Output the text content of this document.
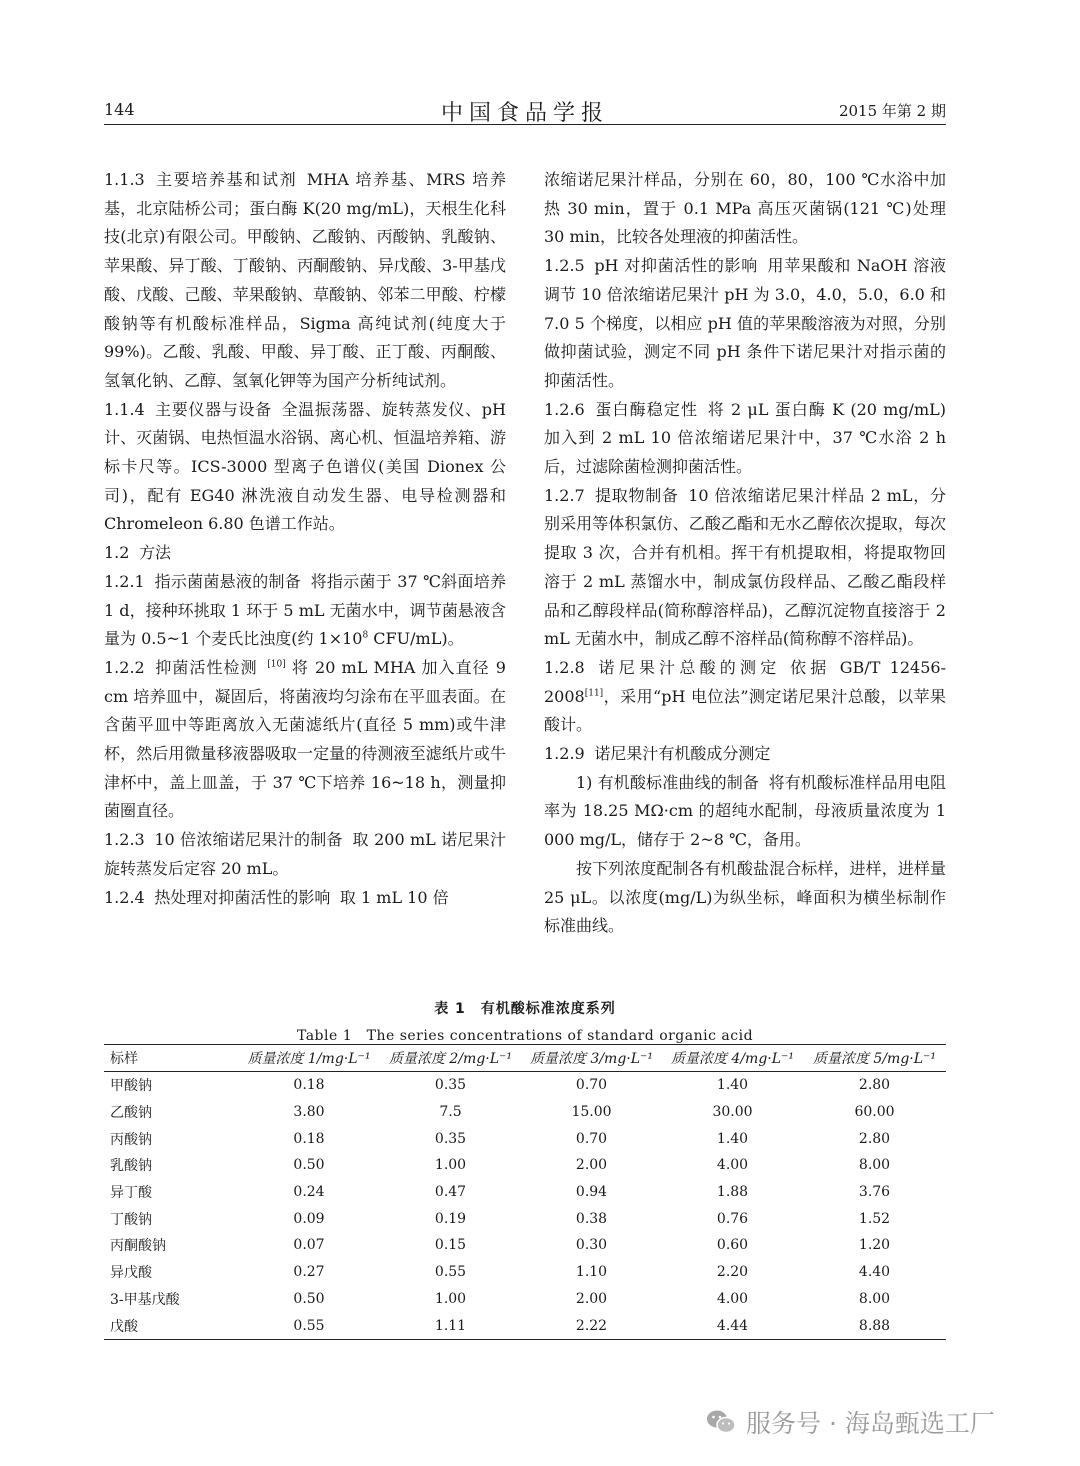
144	中国食品学报	2015 年第 2 期

1.1.3 主要培养基和试剂 MHA 培养基、MRS 培养基，北京陆桥公司；蛋白酶 K(20 mg/mL)，天根生化科技(北京)有限公司。甲酸钠、乙酸钠、丙酸钠、乳酸钠、苹果酸、异丁酸、丁酸钠、丙酮酸钠、异戊酸、3-甲基戊酸、戊酸、己酸、苹果酸钠、草酸钠、邻苯二甲酸、柠檬酸钠等有机酸标准样品，Sigma 高纯试剂(纯度大于 99%)。乙酸、乳酸、甲酸、异丁酸、正丁酸、丙酮酸、氢氧化钠、乙醇、氢氧化钾等为国产分析纯试剂。

1.1.4 主要仪器与设备 全温振荡器、旋转蒸发仪、pH 计、灭菌锅、电热恒温水浴锅、离心机、恒温培养箱、游标卡尺等。ICS-3000 型离子色谱仪(美国 Dionex 公司)，配有 EG40 淋洗液自动发生器、电导检测器和 Chromeleon 6.80 色谱工作站。

1.2 方法

1.2.1 指示菌菌悬液的制备 将指示菌于 37 ℃斜面培养 1 d，接种环挑取 1 环于 5 mL 无菌水中，调节菌悬液含量为 0.5~1 个麦氏比浊度(约 $1\times 10^8$ CFU/mL)。

1.2.2 抑菌活性检测 [10] 将 20 mL MHA 加入直径 9 cm 培养皿中，凝固后，将菌液均匀涂布在平皿表面。在含菌平皿中等距离放入无菌滤纸片(直径 5 mm)或牛津杯，然后用微量移液器吸取一定量的待测液至滤纸片或牛津杯中，盖上皿盖，于 37 ℃下培养 16~18 h，测量抑菌圈直径。

1.2.3 10 倍浓缩诺尼果汁的制备 取 200 mL 诺尼果汁旋转蒸发后定容 20 mL。

1.2.4 热处理对抑菌活性的影响 取 1 mL 10 倍

浓缩诺尼果汁样品，分别在 60，80，100 ℃水浴中加热 30 min，置于 0.1 MPa 高压灭菌锅(121 ℃)处理 30 min，比较各处理液的抑菌活性。

1.2.5 pH 对抑菌活性的影响 用苹果酸和 NaOH 溶液调节 10 倍浓缩诺尼果汁 pH 为 3.0，4.0，5.0，6.0 和 7.0 5 个梯度，以相应 pH 值的苹果酸溶液为对照，分别做抑菌试验，测定不同 pH 条件下诺尼果汁对指示菌的抑菌活性。

1.2.6 蛋白酶稳定性 将 2 μL 蛋白酶 K (20 mg/mL) 加入到 2 mL 10 倍浓缩诺尼果汁中，37 ℃水浴 2 h 后，过滤除菌检测抑菌活性。

1.2.7 提取物制备 10 倍浓缩诺尼果汁样品 2 mL，分别采用等体积氯仿、乙酸乙酯和无水乙醇依次提取，每次提取 3 次，合并有机相。挥干有机提取相，将提取物回溶于 2 mL 蒸馏水中，制成氯仿段样品、乙酸乙酯段样品和乙醇段样品(简称醇溶样品)，乙醇沉淀物直接溶于 2 mL 无菌水中，制成乙醇不溶样品(简称醇不溶样品)。

1.2.8 诺尼果汁总酸的测定 依据 GB/T 12456-2008[11]，采用“pH 电位法”测定诺尼果汁总酸，以苹果酸计。

1.2.9 诺尼果汁有机酸成分测定

1) 有机酸标准曲线的制备 将有机酸标准样品用电阻率为 18.25 MΩ·cm 的超纯水配制，母液质量浓度为 1 000 mg/L，储存于 2~8 ℃，备用。

按下列浓度配制各有机酸盐混合标样，进样，进样量 25 μL。以浓度(mg/L)为纵坐标，峰面积为横坐标制作标准曲线。

表 1　有机酸标准浓度系列
Table 1　The series concentrations of standard organic acid
标样	质量浓度 1/mg·L⁻¹	质量浓度 2/mg·L⁻¹	质量浓度 3/mg·L⁻¹	质量浓度 4/mg·L⁻¹	质量浓度 5/mg·L⁻¹
甲酸钠	0.18	0.35	0.70	1.40	2.80
乙酸钠	3.80	7.5	15.00	30.00	60.00
丙酸钠	0.18	0.35	0.70	1.40	2.80
乳酸钠	0.50	1.00	2.00	4.00	8.00
异丁酸	0.24	0.47	0.94	1.88	3.76
丁酸钠	0.09	0.19	0.38	0.76	1.52
丙酮酸钠	0.07	0.15	0.30	0.60	1.20
异戊酸	0.27	0.55	1.10	2.20	4.40
3-甲基戊酸	0.50	1.00	2.00	4.00	8.00
戊酸	0.55	1.11	2.22	4.44	8.88
服务号 · 海岛甄选工厂
